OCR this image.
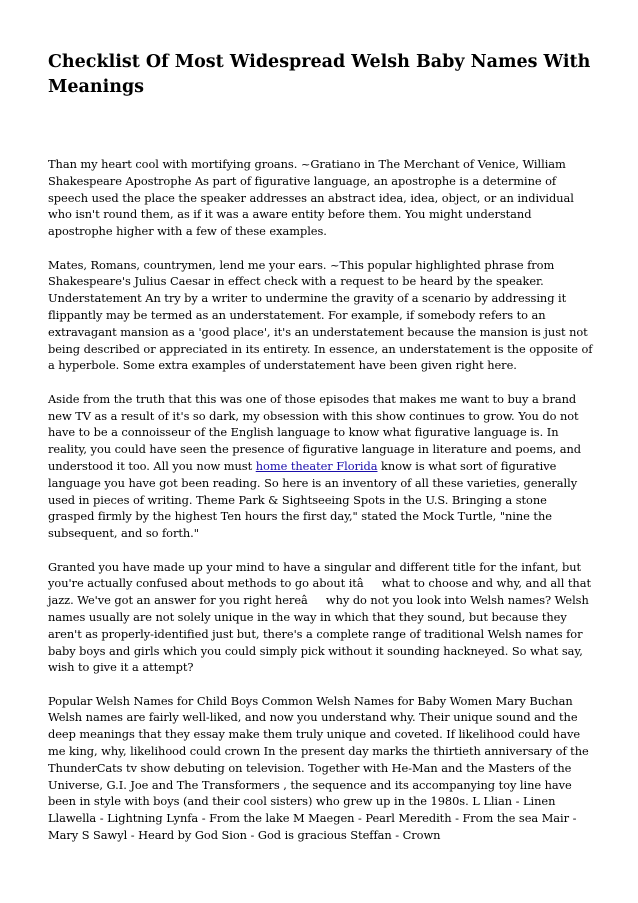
Checklist Of Most Widespread Welsh Baby Names With Meanings

Than my heart cool with mortifying groans. ~Gratiano in The Merchant of Venice, William Shakespeare Apostrophe As part of figurative language, an apostrophe is a determine of speech used the place the speaker addresses an abstract idea, idea, object, or an individual who isn't round them, as if it was a aware entity before them. You might understand apostrophe higher with a few of these examples.

Mates, Romans, countrymen, lend me your ears. ~This popular highlighted phrase from Shakespeare's Julius Caesar in effect check with a request to be heard by the speaker. Understatement An try by a writer to undermine the gravity of a scenario by addressing it flippantly may be termed as an understatement. For example, if somebody refers to an extravagant mansion as a 'good place', it's an understatement because the mansion is just not being described or appreciated in its entirety. In essence, an understatement is the opposite of a hyperbole. Some extra examples of understatement have been given right here.

Aside from the truth that this was one of those episodes that makes me want to buy a brand new TV as a result of it's so dark, my obsession with this show continues to grow. You do not have to be a connoisseur of the English language to know what figurative language is. In reality, you could have seen the presence of figurative language in literature and poems, and understood it too. All you now must home theater Florida know is what sort of figurative language you have got been reading. So here is an inventory of all these varieties, generally used in pieces of writing. Theme Park & Sightseeing Spots in the U.S. Bringing a stone grasped firmly by the highest Ten hours the first day," stated the Mock Turtle, "nine the subsequent, and so forth."

Granted you have made up your mind to have a singular and different title for the infant, but you're actually confused about methods to go about itâwhat to choose and why, and all that jazz. We've got an answer for you right hereâwhy do not you look into Welsh names? Welsh names usually are not solely unique in the way in which that they sound, but because they aren't as properly-identified just but, there's a complete range of traditional Welsh names for baby boys and girls which you could simply pick without it sounding hackneyed. So what say, wish to give it a attempt?

Popular Welsh Names for Child Boys Common Welsh Names for Baby Women Mary Buchan Welsh names are fairly well-liked, and now you understand why. Their unique sound and the deep meanings that they essay make them truly unique and coveted. If likelihood could have me king, why, likelihood could crown In the present day marks the thirtieth anniversary of the ThunderCats tv show debuting on television. Together with He-Man and the Masters of the Universe, G.I. Joe and The Transformers , the sequence and its accompanying toy line have been in style with boys (and their cool sisters) who grew up in the 1980s. L Llian - Linen Llawella - Lightning Lynfa - From the lake M Maegen - Pearl Meredith - From the sea Mair - Mary S Sawyl - Heard by God Sion - God is gracious Steffan - Crown
